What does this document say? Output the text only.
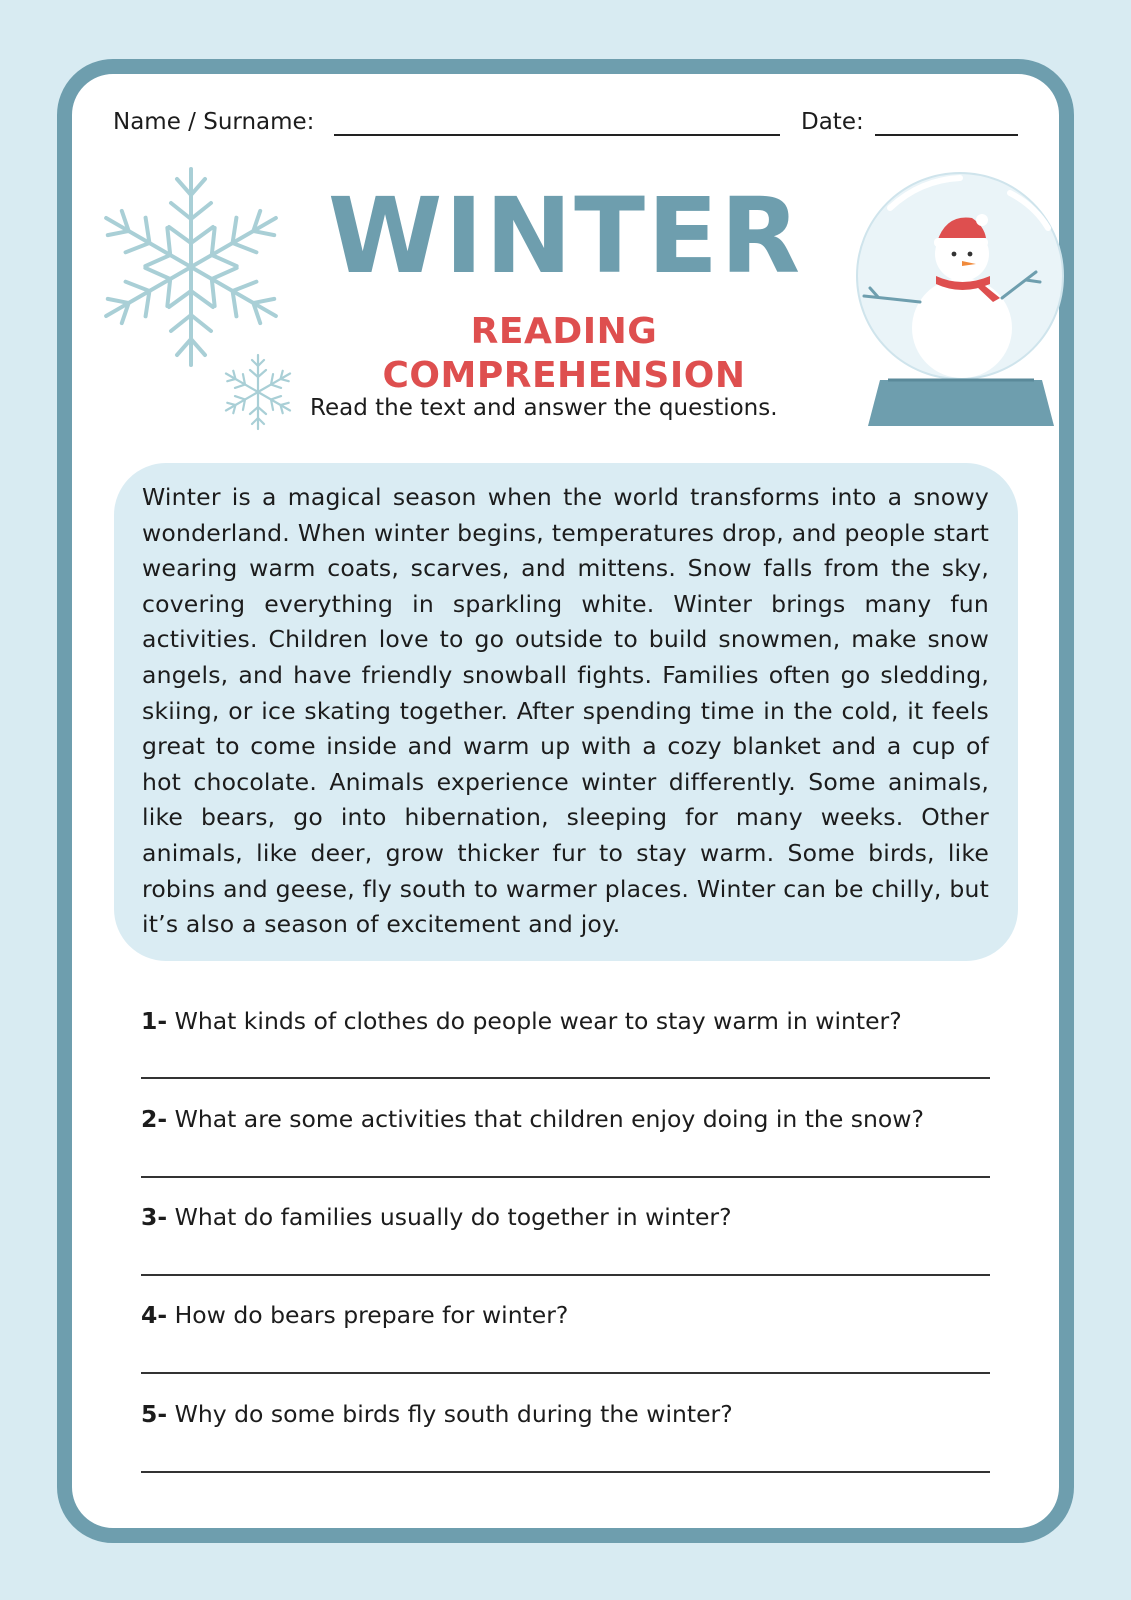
Name / Surname:	Date:
WINTER
READING COMPREHENSION
Read the text and answer the questions.

Winter is a magical season when the world transforms into a snowy wonderland. When winter begins, temperatures drop, and people start wearing warm coats, scarves, and mittens. Snow falls from the sky, covering everything in sparkling white. Winter brings many fun activities. Children love to go outside to build snowmen, make snow angels, and have friendly snowball fights. Families often go sledding, skiing, or ice skating together. After spending time in the cold, it feels great to come inside and warm up with a cozy blanket and a cup of hot chocolate. Animals experience winter differently. Some animals, like bears, go into hibernation, sleeping for many weeks. Other animals, like deer, grow thicker fur to stay warm. Some birds, like robins and geese, fly south to warmer places. Winter can be chilly, but it’s also a season of excitement and joy.

1- What kinds of clothes do people wear to stay warm in winter?
2- What are some activities that children enjoy doing in the snow?
3- What do families usually do together in winter?
4- How do bears prepare for winter?
5- Why do some birds fly south during the winter?
